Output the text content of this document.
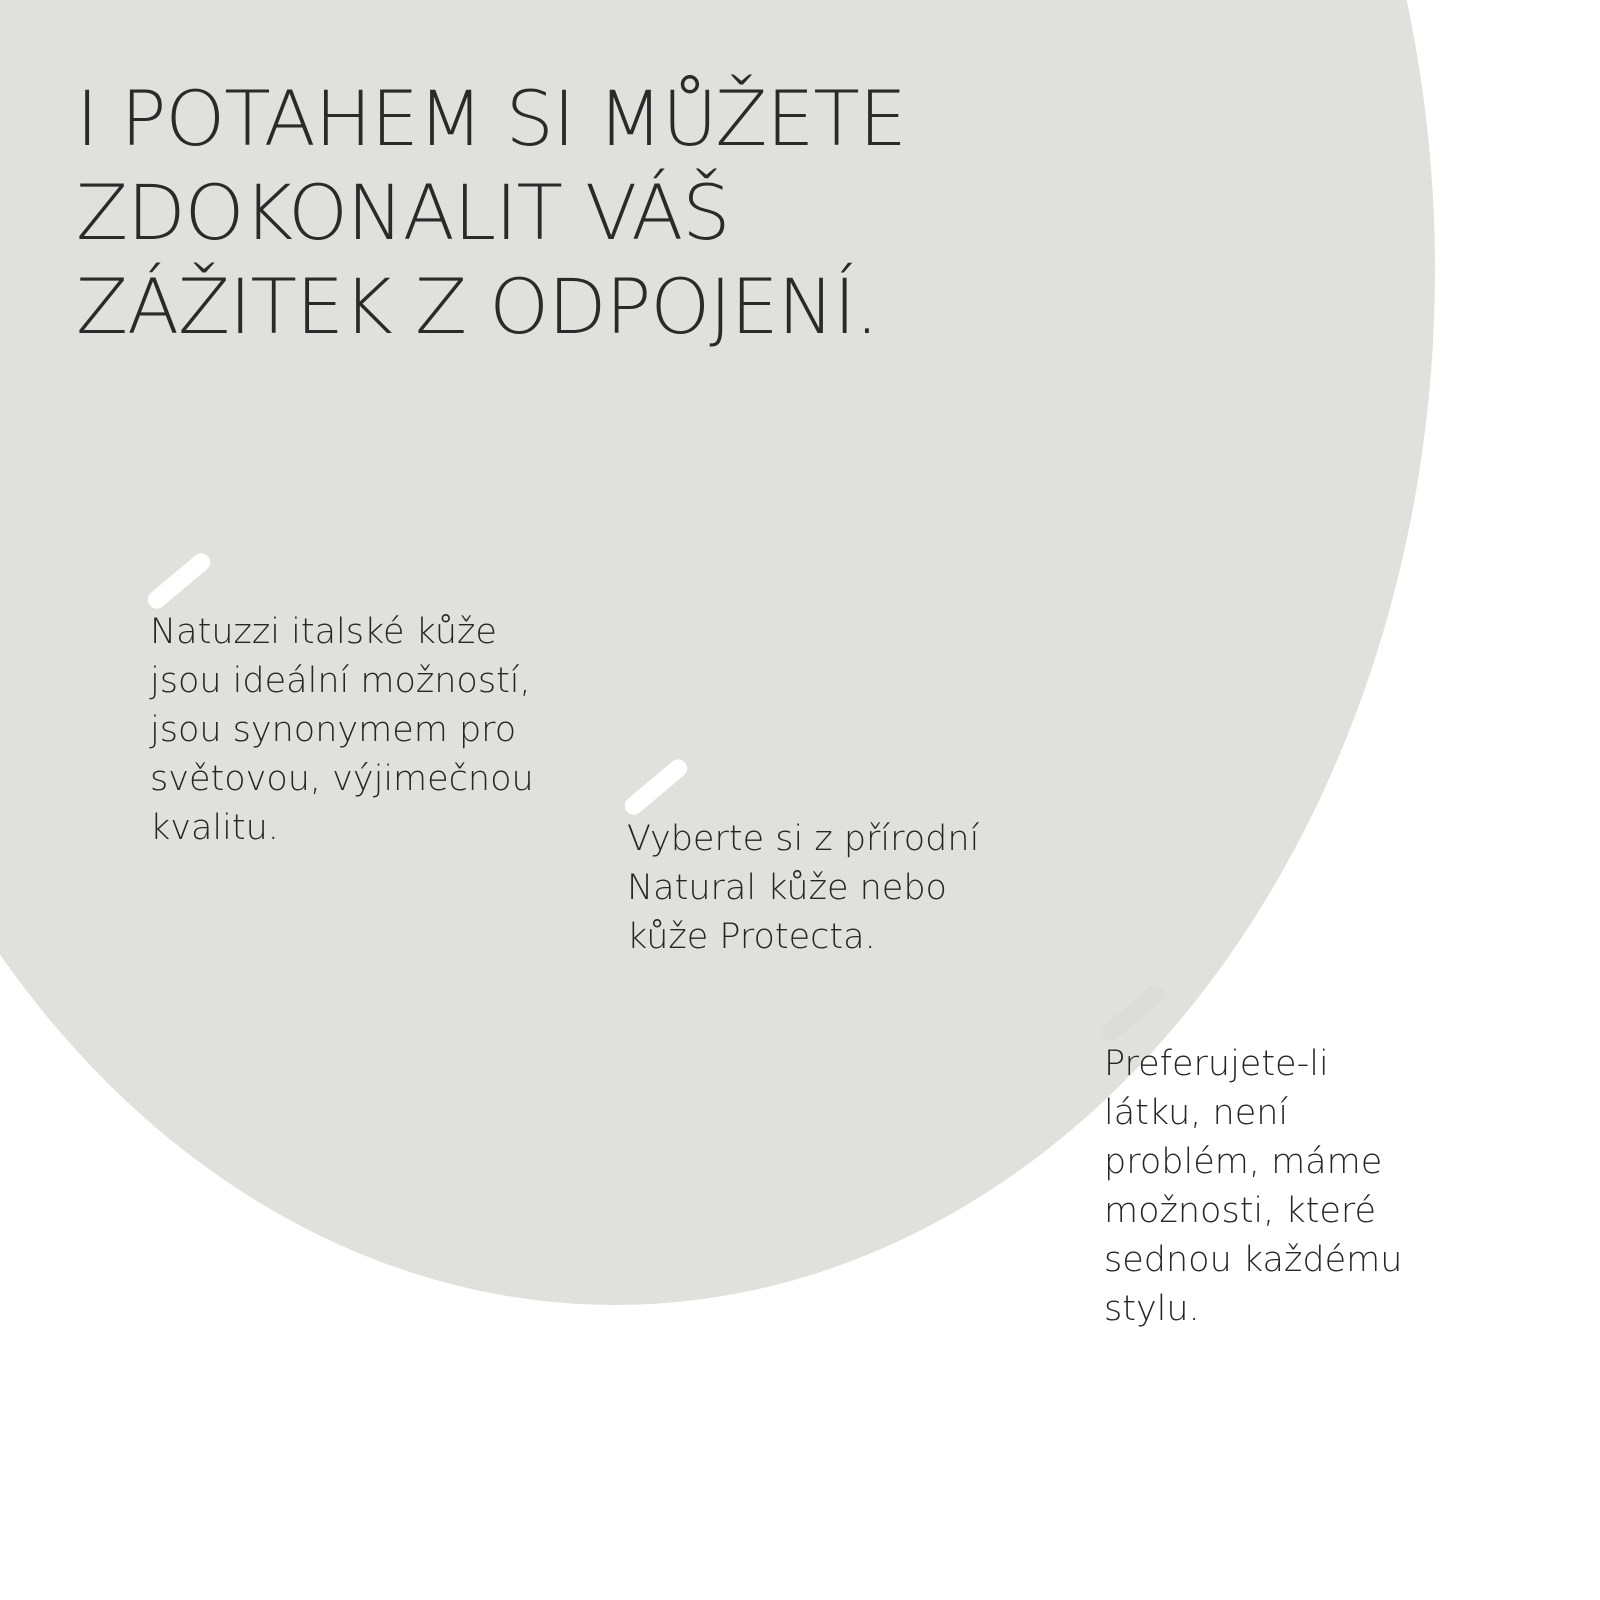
I POTAHEM SI MŮŽETE
ZDOKONALIT VÁŠ
ZÁŽITEK Z ODPOJENÍ.

Natuzzi italské kůže
jsou ideální možností,
jsou synonymem pro
světovou, výjimečnou
kvalitu.	Vyberte si z přírodní
Natural kůže nebo
kůže Protecta.

Preferujete-li
látku, není
problém, máme
možnosti, které
sednou každému
stylu.
